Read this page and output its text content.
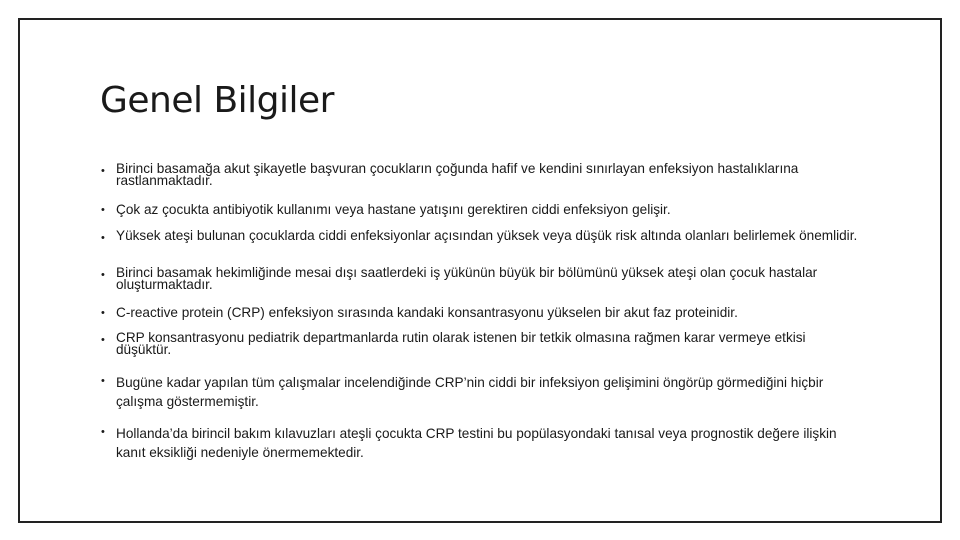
Genel Bilgiler
• Birinci basamağa akut şikayetle başvuran çocukların çoğunda hafif ve kendini sınırlayan enfeksiyon hastalıklarına rastlanmaktadır.
• Çok az çocukta antibiyotik kullanımı veya hastane yatışını gerektiren ciddi enfeksiyon gelişir.
• Yüksek ateşi bulunan çocuklarda ciddi enfeksiyonlar açısından yüksek veya düşük risk altında olanları belirlemek önemlidir.
• Birinci basamak hekimliğinde mesai dışı saatlerdeki iş yükünün büyük bir bölümünü yüksek ateşi olan çocuk hastalar oluşturmaktadır.
• C-reactive protein (CRP) enfeksiyon sırasında kandaki konsantrasyonu yükselen bir akut faz proteinidir.
• CRP konsantrasyonu pediatrik departmanlarda rutin olarak istenen bir tetkik olmasına rağmen karar vermeye etkisi düşüktür.
• Bugüne kadar yapılan tüm çalışmalar incelendiğinde CRP’nin ciddi bir infeksiyon gelişimini öngörüp görmediğini hiçbir çalışma göstermemiştir.
• Hollanda’da birincil bakım kılavuzları ateşli çocukta CRP testini bu popülasyondaki tanısal veya prognostik değere ilişkin kanıt eksikliği nedeniyle önermemektedir.
